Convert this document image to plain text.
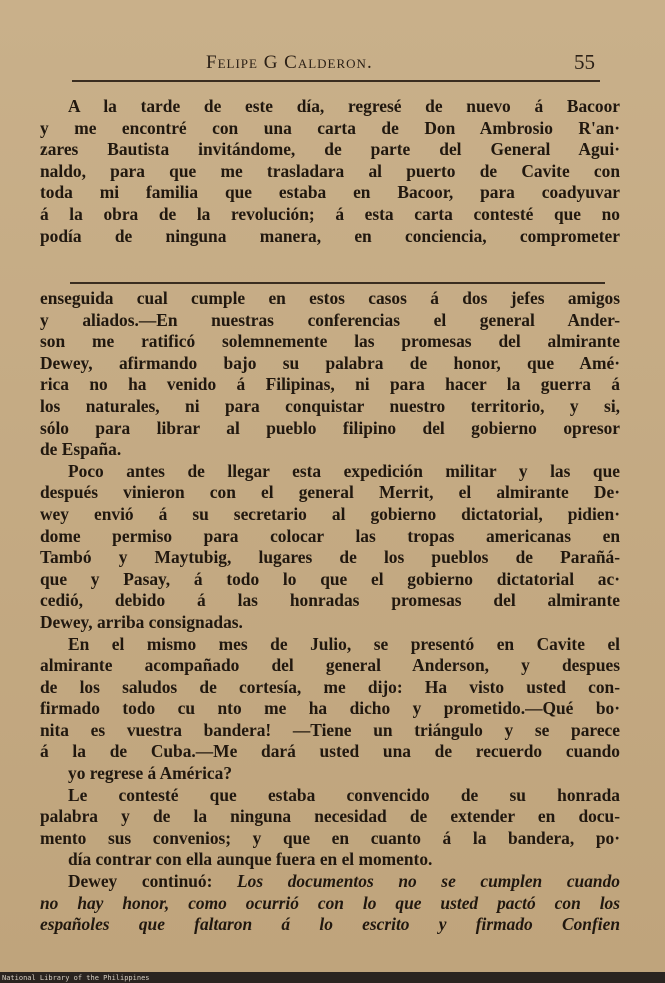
Felipe G Calderon.	55
A la tarde de este día, regresé de nuevo á Bacoor
y me encontré con una carta de Don Ambrosio R'an·
zares Bautista invitándome, de parte del General Agui·
naldo, para que me trasladara al puerto de Cavite con
toda mi familia que estaba en Bacoor, para coadyuvar
á la obra de la revolución; á esta carta contesté que no
podía de ninguna manera, en conciencia, comprometer
enseguida cual cumple en estos casos á dos jefes amigos
y aliados.—En nuestras conferencias el general Ander-
son me ratificó solemnemente las promesas del almirante
Dewey, afirmando bajo su palabra de honor, que Amé·
rica no ha venido á Filipinas, ni para hacer la guerra á
los naturales, ni para conquistar nuestro territorio, y si,
sólo para librar al pueblo filipino del gobierno opresor
de España.
Poco antes de llegar esta expedición militar y las que
después vinieron con el general Merrit, el almirante De·
wey envió á su secretario al gobierno dictatorial, pidien·
dome permiso para colocar las tropas americanas en
Tambó y Maytubig, lugares de los pueblos de Parañá-
que y Pasay, á todo lo que el gobierno dictatorial ac·
cedió, debido á las honradas promesas del almirante
Dewey, arriba consignadas.
En el mismo mes de Julio, se presentó en Cavite el
almirante acompañado del general Anderson, y despues
de los saludos de cortesía, me dijo: Ha visto usted con-
firmado todo cu nto me ha dicho y prometido.—Qué bo·
nita es vuestra bandera! —Tiene un triángulo y se parece
á la de Cuba.—Me dará usted una de recuerdo cuando
yo regrese á América?
Le contesté que estaba convencido de su honrada
palabra y de la ninguna necesidad de extender en docu-
mento sus convenios; y que en cuanto á la bandera, po·
día contrar con ella aunque fuera en el momento.
Dewey continuó: Los documentos no se cumplen cuando
no hay honor, como ocurrió con lo que usted pactó con los
españoles que faltaron á lo escrito y firmado Confien
National Library of the Philippines
